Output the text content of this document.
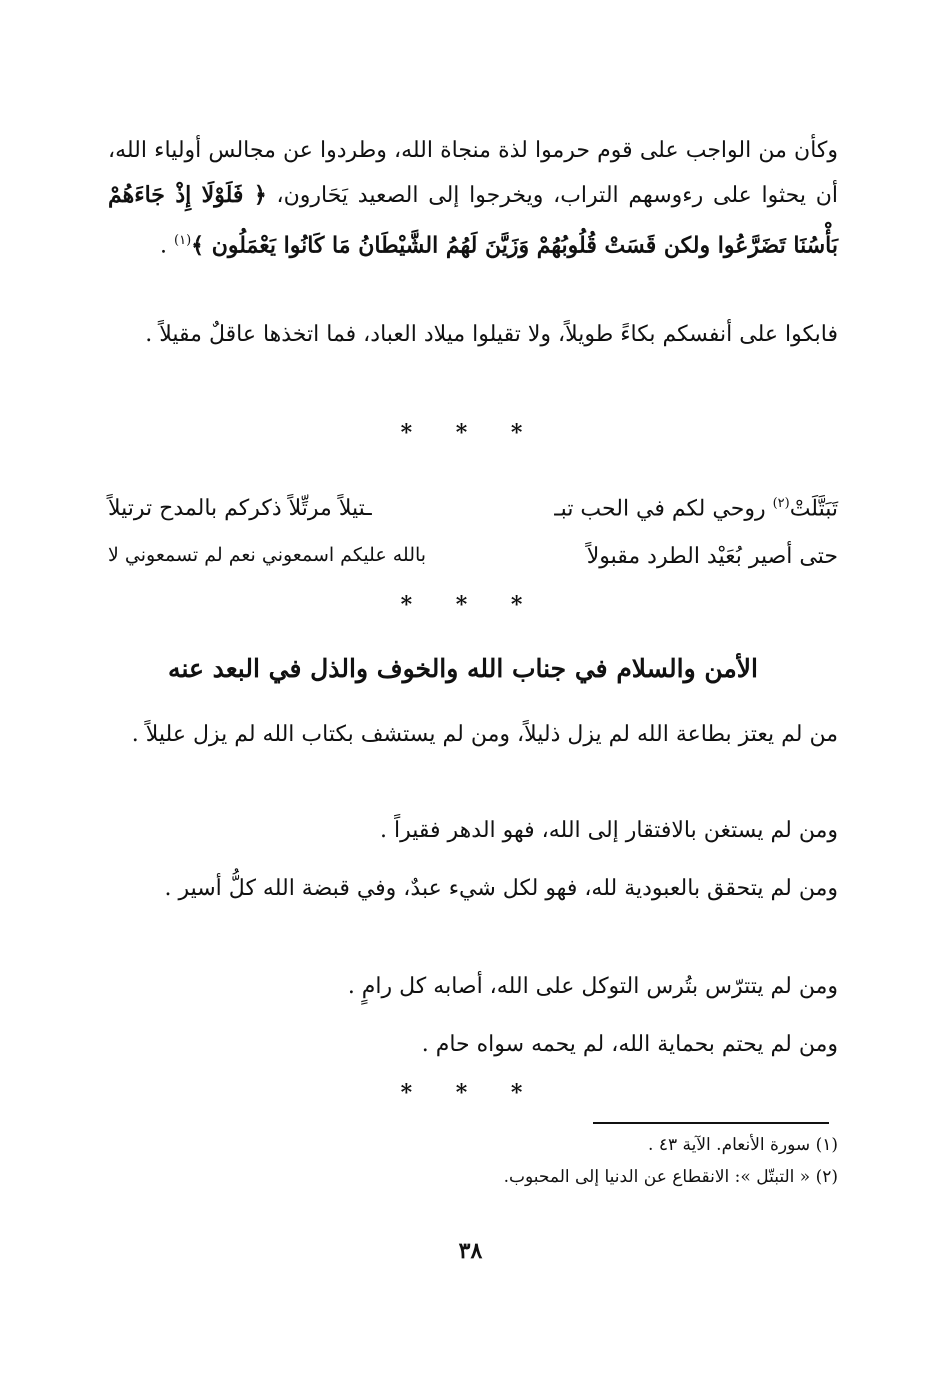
وكأن من الواجب على قوم حرموا لذة منجاة الله، وطردوا عن مجالس أولياء الله، أن يحثوا على رءوسهم التراب، ويخرجوا إلى الصعيد يَحَارون، ﴿ فَلَوْلَا إِذْ جَاءَهُمْ بَأْسُنَا تَضَرَّعُوا ولكن قَسَتْ قُلُوبُهُمْ وَزَيَّنَ لَهُمُ الشَّيْطَانُ مَا كَانُوا يَعْمَلُون ﴾$^{(١)}$ .
فابكوا على أنفسكم بكاءً طويلاً، ولا تقيلوا ميلاد العباد، فما اتخذها عاقلٌ مقيلاً .
* * *
تَبَتَّلَتْ$^{(٢)}$ روحي لكم في الحب تبـ
ـتيلاً مرتِّلاً ذكركم بالمدح ترتيلاً
حتى أصير بُعَيْد الطرد مقبولاً
بالله عليكم اسمعوني نعم لم تسمعوني لا
* * *
الأمن والسلام في جناب الله والخوف والذل في البعد عنه
من لم يعتز بطاعة الله لم يزل ذليلاً، ومن لم يستشف بكتاب الله لم يزل عليلاً .
ومن لم يستغن بالافتقار إلى الله، فهو الدهر فقيراً .
ومن لم يتحقق بالعبودية لله، فهو لكل شيء عبدٌ، وفي قبضة الله كلُّ أسير .
ومن لم يتترّس بتُرس التوكل على الله، أصابه كل رامٍ .
ومن لم يحتم بحماية الله، لم يحمه سواه حام .
* * *
(١) سورة الأنعام. الآية ٤٣ .
(٢) « التبتّل »: الانقطاع عن الدنيا إلى المحبوب.
٣٨
